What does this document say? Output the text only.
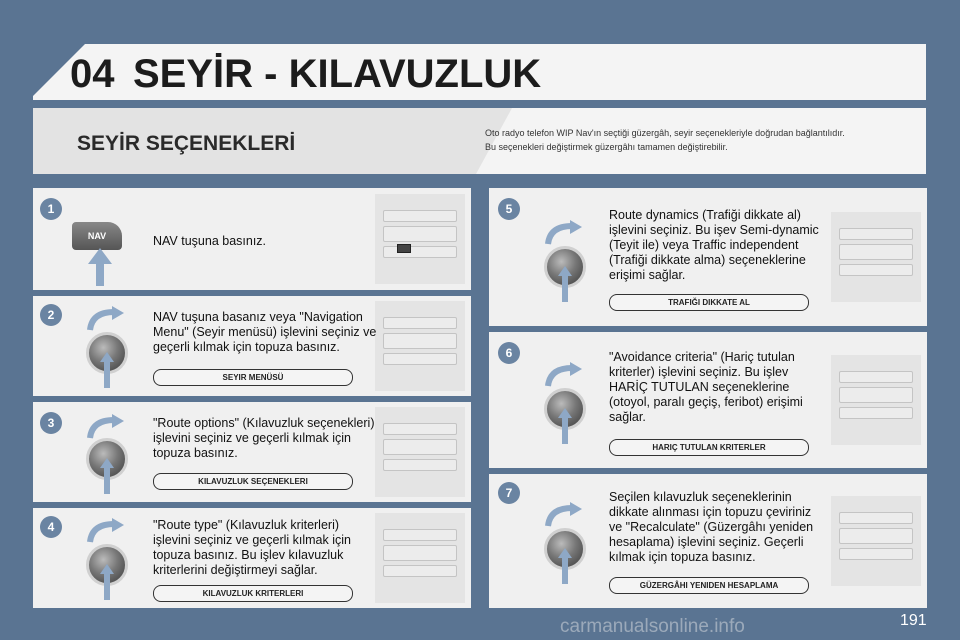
04 SEYİR - KILAVUZLUK
SEYİR SEÇENEKLERİ	Oto radyo telefon WIP Nav'ın seçtiği güzergâh, seyir seçenekleriyle doğrudan bağlantılıdır.
Bu seçenekleri değiştirmek güzergâhı tamamen değiştirebilir.
1
2
3
4
5
6
7
NAV	NAV tuşuna basınız.
NAV tuşuna basanız veya "Navigation Menu" (Seyir menüsü) işlevini seçiniz ve geçerli kılmak için topuza basınız.
"Route options" (Kılavuzluk seçenekleri) işlevini seçiniz ve geçerli kılmak için topuza basınız.
"Route type" (Kılavuzluk kriterleri) işlevini seçiniz ve geçerli kılmak için topuza basınız. Bu işlev kılavuzluk kriterlerini değiştirmeyi sağlar.
Route dynamics (Trafiği dikkate al) işlevini seçiniz. Bu işev Semi-dynamic (Teyit ile) veya Traffic independent (Trafiği dikkate alma) seçeneklerine erişimi sağlar.
"Avoidance criteria" (Hariç tutulan kriterler) işlevini seçiniz. Bu işlev HARİÇ TUTULAN seçeneklerine (otoyol, paralı geçiş, feribot) erişimi sağlar.
Seçilen kılavuzluk seçeneklerinin dikkate alınması için topuzu çeviriniz ve "Recalculate" (Güzergâhı yeniden hesaplama) işlevini seçiniz. Geçerli kılmak için topuza basınız.
SEYIR MENÜSÜ
KILAVUZLUK SEÇENEKLERI
KILAVUZLUK KRITERLERI
TRAFIĞI DIKKATE AL
HARIÇ TUTULAN KRITERLER
GÜZERGÂHI YENIDEN HESAPLAMA
191
carmanualsonline.info
